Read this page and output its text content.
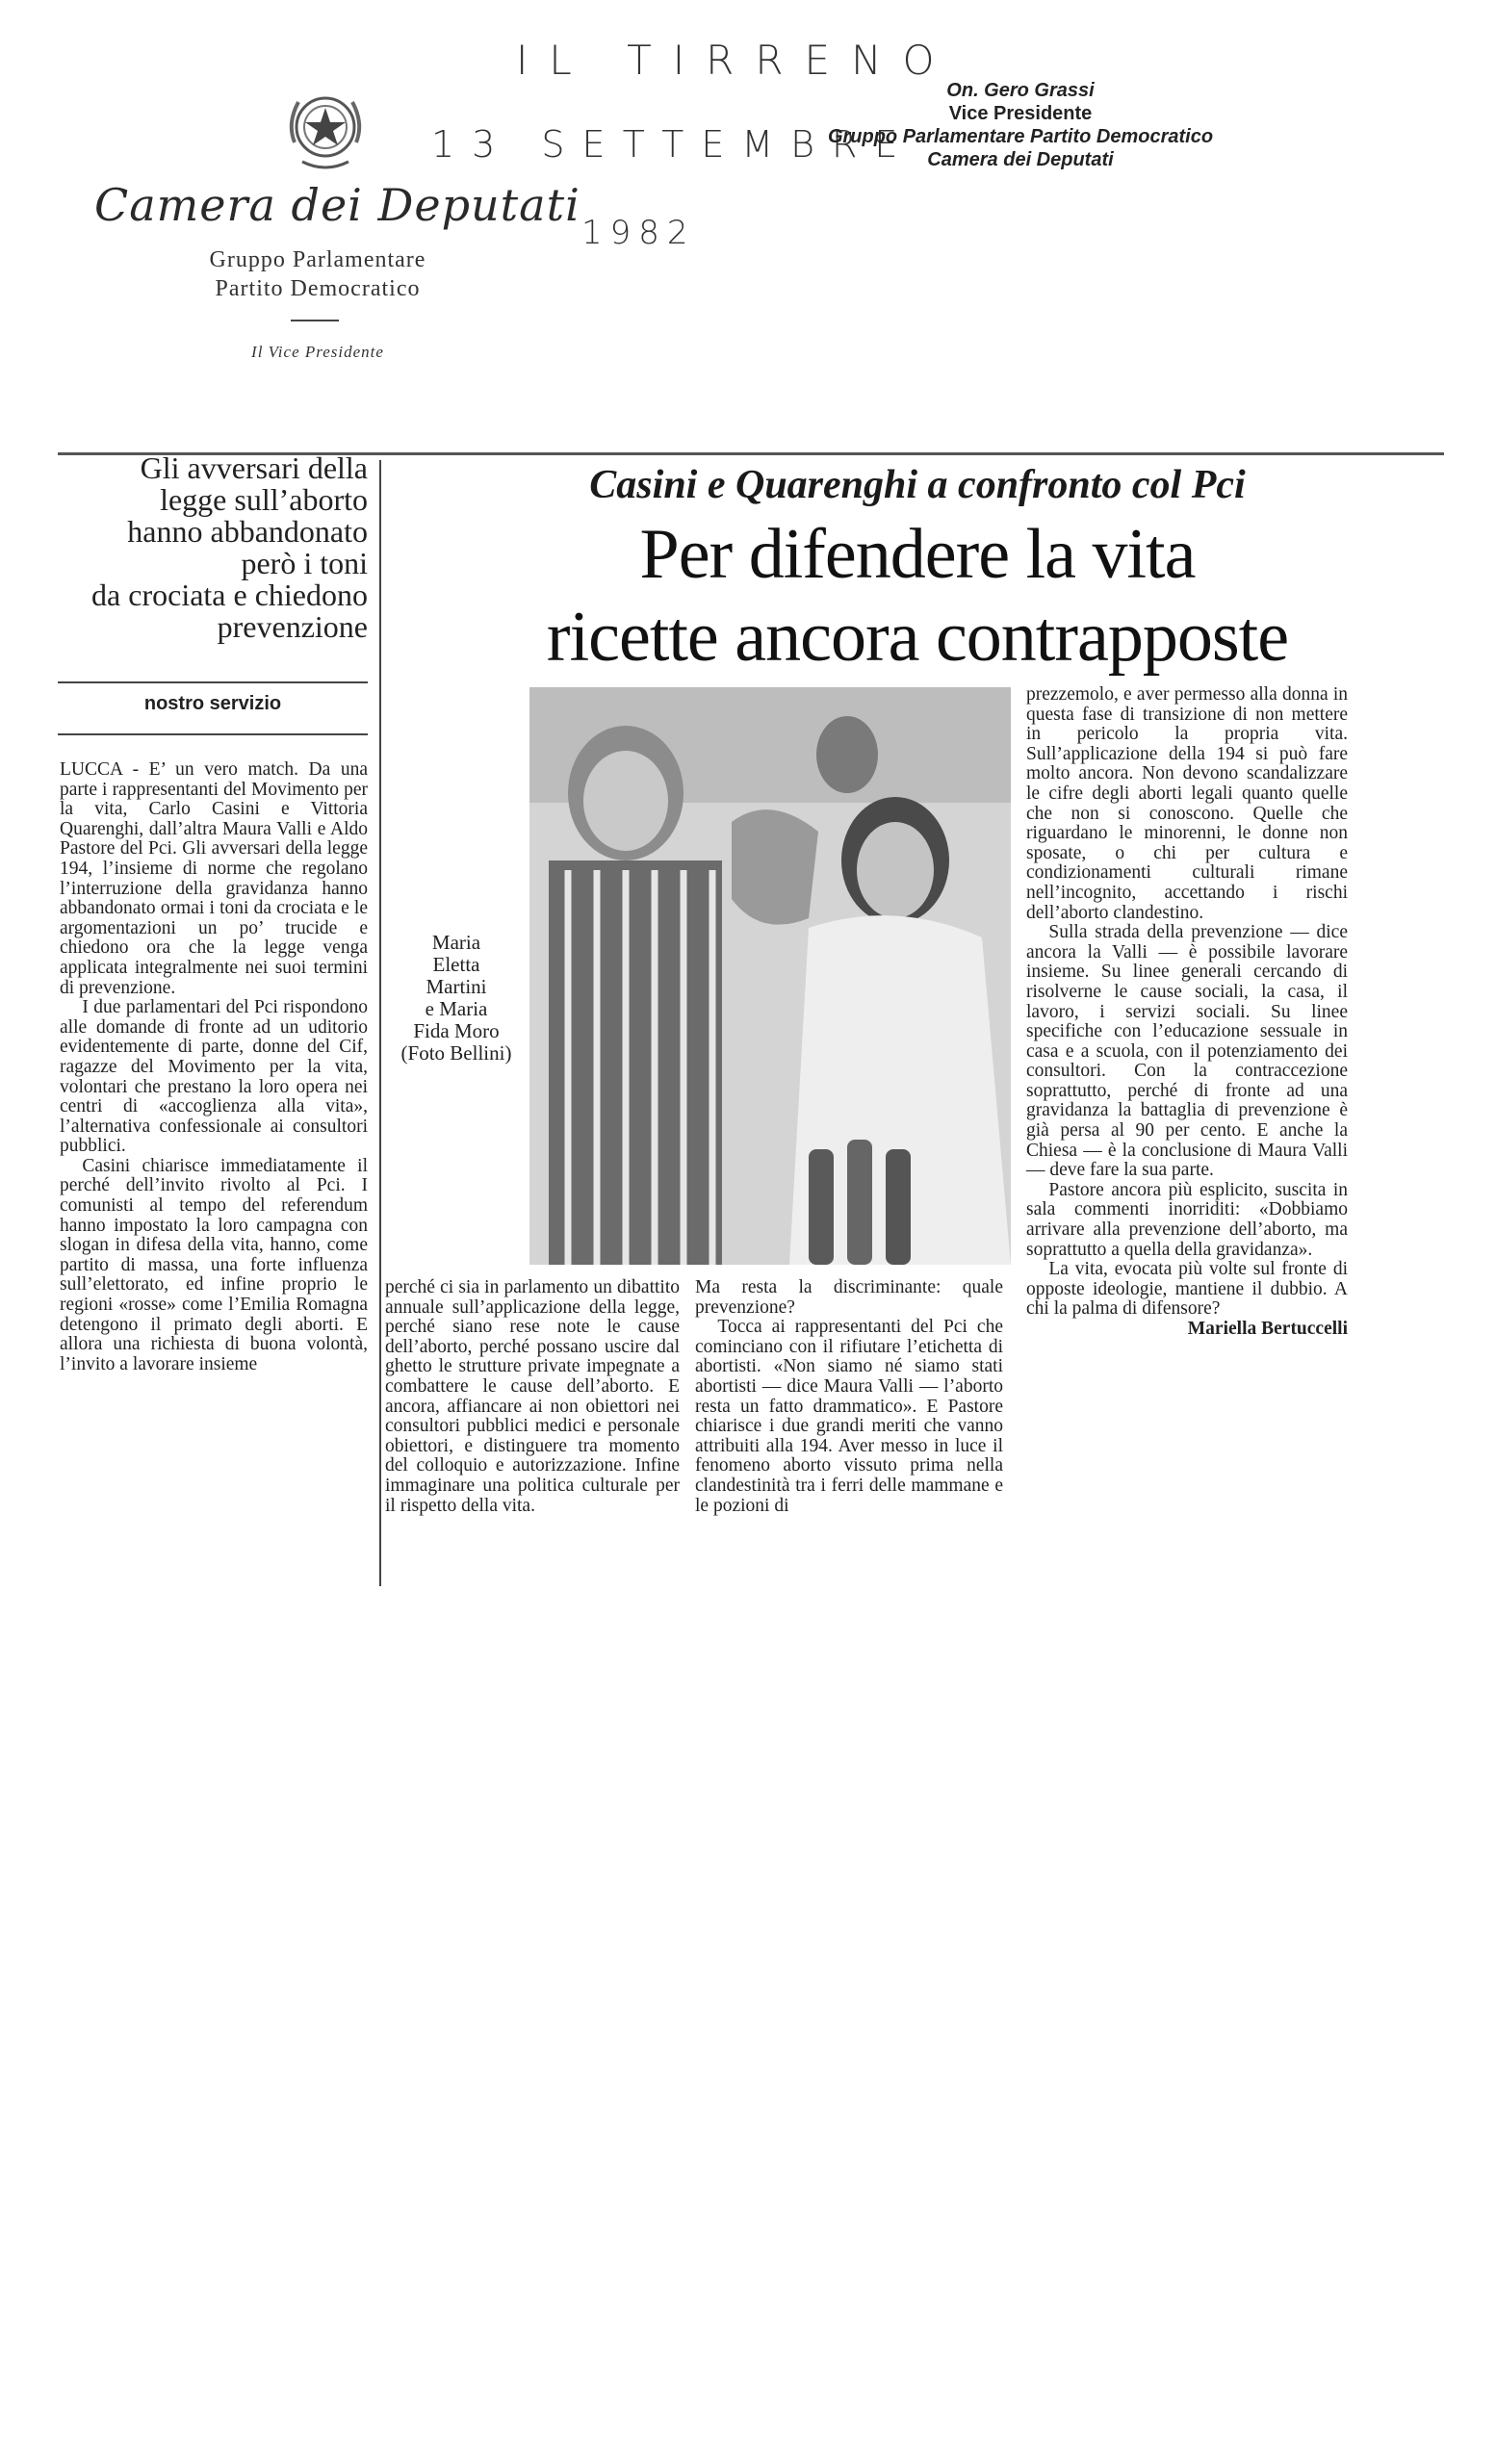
Camera dei Deputati
Gruppo Parlamentare
Partito Democratico
Il Vice Presidente
IL TIRRENO
13 SETTEMBRE
1982
On. Gero Grassi
Vice Presidente
Gruppo Parlamentare Partito Democratico
Camera dei Deputati
Gli avversari della
legge sull’aborto
hanno abbandonato
però i toni
da crociata e chiedono
prevenzione
nostro servizio
Casini e Quarenghi a confronto col Pci
Per difendere la vita
ricette ancora contrapposte
Maria
Eletta
Martini
e Maria
Fida Moro
(Foto Bellini)

LUCCA - E’ un vero match. Da una parte i rappresentanti del Movimento per la vita, Carlo Casini e Vittoria Quarenghi, dall’altra Maura Valli e Aldo Pastore del Pci. Gli avversari della legge 194, l’insieme di norme che regolano l’interruzione della gravidanza hanno abbandonato ormai i toni da crociata e le argomentazioni un po’ trucide e chiedono ora che la legge venga applicata integralmente nei suoi termini di prevenzione.

I due parlamentari del Pci rispondono alle domande di fronte ad un uditorio evidentemente di parte, donne del Cif, ragazze del Movimento per la vita, volontari che prestano la loro opera nei centri di «accoglienza alla vita», l’alternativa confessionale ai consultori pubblici.

Casini chiarisce immediatamente il perché dell’invito rivolto al Pci. I comunisti al tempo del referendum hanno impostato la loro campagna con slogan in difesa della vita, hanno, come partito di massa, una forte influenza sull’elettorato, ed infine proprio le regioni «rosse» come l’Emilia Romagna detengono il primato degli aborti. E allora una richiesta di buona volontà, l’invito a lavorare insieme

perché ci sia in parlamento un dibattito annuale sull’applicazione della legge, perché siano rese note le cause dell’aborto, perché possano uscire dal ghetto le strutture private impegnate a combattere le cause dell’aborto. E ancora, affiancare ai non obiettori nei consultori pubblici medici e personale obiettori, e distinguere tra momento del colloquio e autorizzazione. Infine immaginare una politica culturale per il rispetto della vita.

Ma resta la discriminante: quale prevenzione?

Tocca ai rappresentanti del Pci che cominciano con il rifiutare l’etichetta di abortisti. «Non siamo né siamo stati abortisti — dice Maura Valli — l’aborto resta un fatto drammatico». E Pastore chiarisce i due grandi meriti che vanno attribuiti alla 194. Aver messo in luce il fenomeno aborto vissuto prima nella clandestinità tra i ferri delle mammane e le pozioni di

prezzemolo, e aver permesso alla donna in questa fase di transizione di non mettere in pericolo la propria vita. Sull’applicazione della 194 si può fare molto ancora. Non devono scandalizzare le cifre degli aborti legali quanto quelle che non si conoscono. Quelle che riguardano le minorenni, le donne non sposate, o chi per cultura e condizionamenti culturali rimane nell’incognito, accettando i rischi dell’aborto clandestino.

Sulla strada della prevenzione — dice ancora la Valli — è possibile lavorare insieme. Su linee generali cercando di risolverne le cause sociali, la casa, il lavoro, i servizi sociali. Su linee specifiche con l’educazione sessuale in casa e a scuola, con il potenziamento dei consultori. Con la contraccezione soprattutto, perché di fronte ad una gravidanza la battaglia di prevenzione è già persa al 90 per cento. E anche la Chiesa — è la conclusione di Maura Valli — deve fare la sua parte.

Pastore ancora più esplicito, suscita in sala commenti inorriditi: «Dobbiamo arrivare alla prevenzione dell’aborto, ma soprattutto a quella della gravidanza».

La vita, evocata più volte sul fronte di opposte ideologie, mantiene il dubbio. A chi la palma di difensore?

Mariella Bertuccelli
